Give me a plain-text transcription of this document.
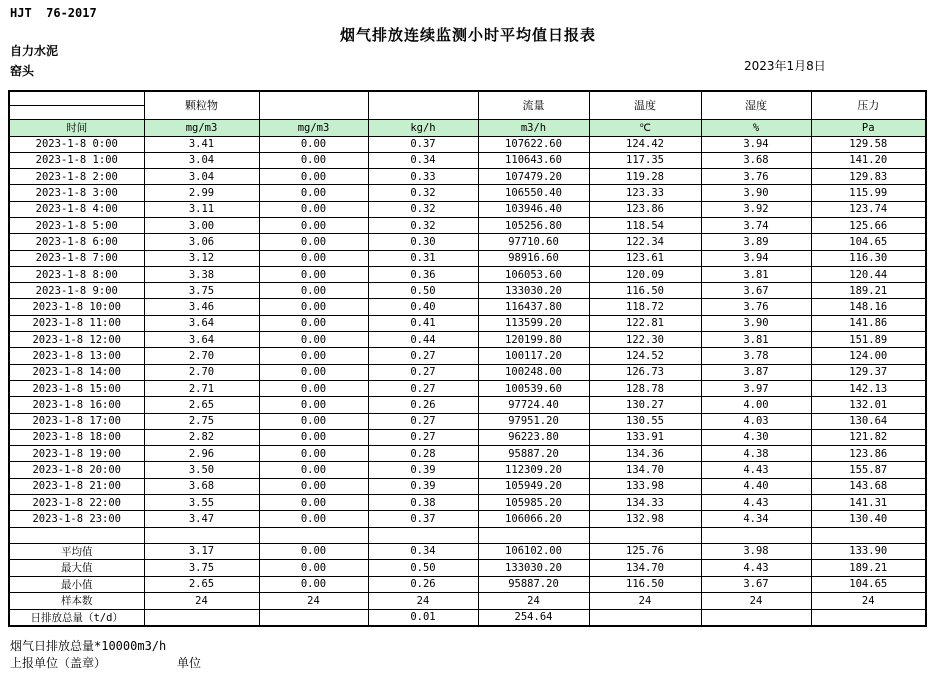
HJT  76-2017
烟气排放连续监测小时平均值日报表
自力水泥
窑头	2023年1月8日
	颗粒物			流量	温度	湿度	压力

时间	mg/m3	mg/m3	kg/h	m3/h	℃	%	Pa
2023-1-8 0:00	3.41	0.00	0.37	107622.60	124.42	3.94	129.58
2023-1-8 1:00	3.04	0.00	0.34	110643.60	117.35	3.68	141.20
2023-1-8 2:00	3.04	0.00	0.33	107479.20	119.28	3.76	129.83
2023-1-8 3:00	2.99	0.00	0.32	106550.40	123.33	3.90	115.99
2023-1-8 4:00	3.11	0.00	0.32	103946.40	123.86	3.92	123.74
2023-1-8 5:00	3.00	0.00	0.32	105256.80	118.54	3.74	125.66
2023-1-8 6:00	3.06	0.00	0.30	97710.60	122.34	3.89	104.65
2023-1-8 7:00	3.12	0.00	0.31	98916.60	123.61	3.94	116.30
2023-1-8 8:00	3.38	0.00	0.36	106053.60	120.09	3.81	120.44
2023-1-8 9:00	3.75	0.00	0.50	133030.20	116.50	3.67	189.21
2023-1-8 10:00	3.46	0.00	0.40	116437.80	118.72	3.76	148.16
2023-1-8 11:00	3.64	0.00	0.41	113599.20	122.81	3.90	141.86
2023-1-8 12:00	3.64	0.00	0.44	120199.80	122.30	3.81	151.89
2023-1-8 13:00	2.70	0.00	0.27	100117.20	124.52	3.78	124.00
2023-1-8 14:00	2.70	0.00	0.27	100248.00	126.73	3.87	129.37
2023-1-8 15:00	2.71	0.00	0.27	100539.60	128.78	3.97	142.13
2023-1-8 16:00	2.65	0.00	0.26	97724.40	130.27	4.00	132.01
2023-1-8 17:00	2.75	0.00	0.27	97951.20	130.55	4.03	130.64
2023-1-8 18:00	2.82	0.00	0.27	96223.80	133.91	4.30	121.82
2023-1-8 19:00	2.96	0.00	0.28	95887.20	134.36	4.38	123.86
2023-1-8 20:00	3.50	0.00	0.39	112309.20	134.70	4.43	155.87
2023-1-8 21:00	3.68	0.00	0.39	105949.20	133.98	4.40	143.68
2023-1-8 22:00	3.55	0.00	0.38	105985.20	134.33	4.43	141.31
2023-1-8 23:00	3.47	0.00	0.37	106066.20	132.98	4.34	130.40

平均值	3.17	0.00	0.34	106102.00	125.76	3.98	133.90
最大值	3.75	0.00	0.50	133030.20	134.70	4.43	189.21
最小值	2.65	0.00	0.26	95887.20	116.50	3.67	104.65
样本数	24	24	24	24	24	24	24
日排放总量（t/d）			0.01	254.64			
烟气日排放总量*10000m3/h
上报单位（盖章）	单位
